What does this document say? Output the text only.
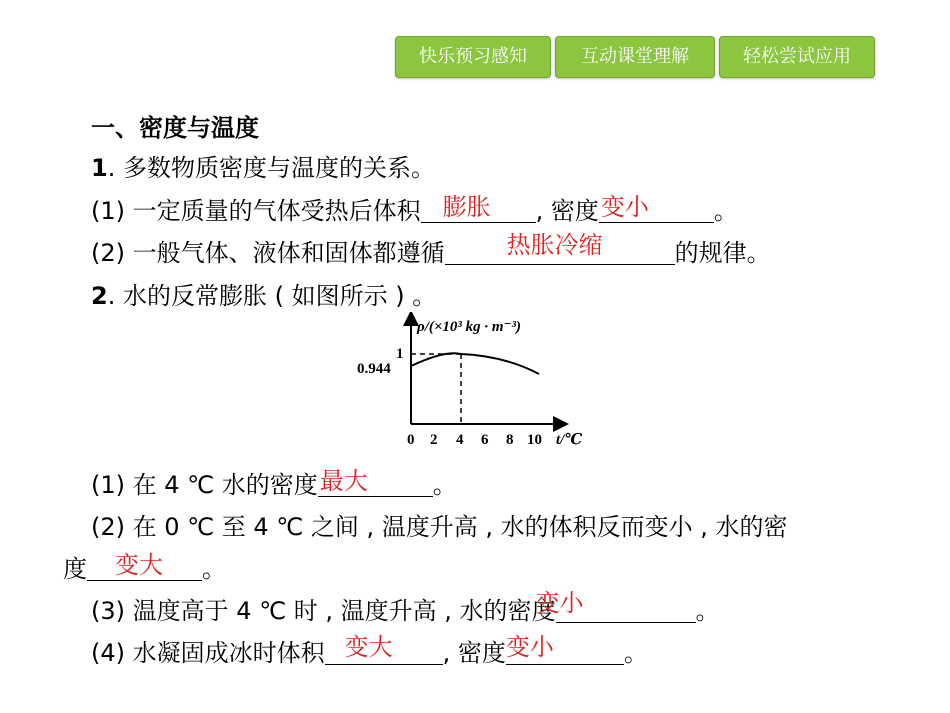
快乐预习感知	互动课堂理解	轻松尝试应用
一、密度与温度
1. 多数物质密度与温度的关系。
(1) 一定质量的气体受热后体积 膨胀 , 密度 变小	。
(2) 一般气体、液体和固体都遵循	热胀冷缩	的规律。
2. 水的反常膨胀 ( 如图所示 ) 。
ρ/(×10³ kg · m⁻³)
1
0.944
0 2 4 6 8 10 t/℃
(1) 在 4 ℃ 水的密度 最大	。
(2) 在 0 ℃ 至 4 ℃ 之间 , 温度升高 , 水的体积反而变小 , 水的密
度 变大 。
(3) 温度高于 4 ℃ 时 , 温度升高 , 水的密度
变小	。
(4) 水凝固成冰时体积 变大 , 密度 变小	。
